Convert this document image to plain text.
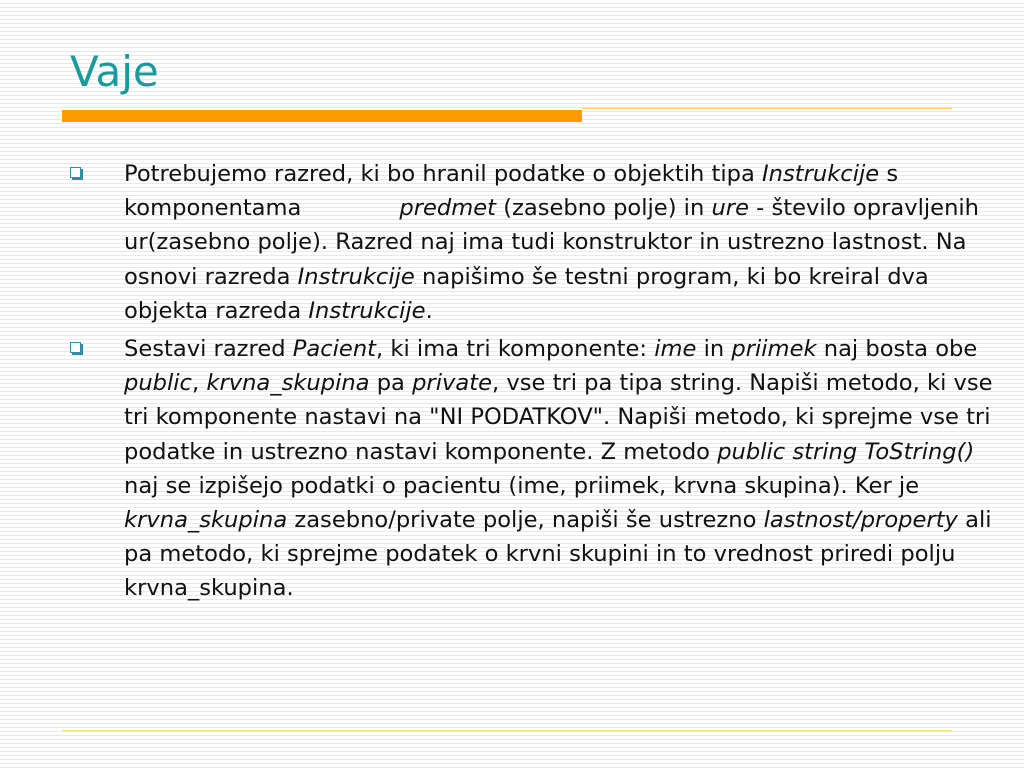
Vaje
Potrebujemo razred, ki bo hranil podatke o objektih tipa Instrukcije s komponentama	predmet (zasebno polje) in ure - število opravljenih ur(zasebno polje). Razred naj ima tudi konstruktor in ustrezno lastnost. Na osnovi razreda Instrukcije napišimo še testni program, ki bo kreiral dva objekta razreda Instrukcije.
Sestavi razred Pacient, ki ima tri komponente: ime in priimek naj bosta obe public, krvna_skupina pa private, vse tri pa tipa string. Napiši metodo, ki vse tri komponente nastavi na "NI PODATKOV". Napiši metodo, ki sprejme vse tri podatke in ustrezno nastavi komponente. Z metodo public string ToString() naj se izpišejo podatki o pacientu (ime, priimek, krvna skupina). Ker je krvna_skupina zasebno/private polje, napiši še ustrezno lastnost/property ali pa metodo, ki sprejme podatek o krvni skupini in to vrednost priredi polju krvna_skupina.
